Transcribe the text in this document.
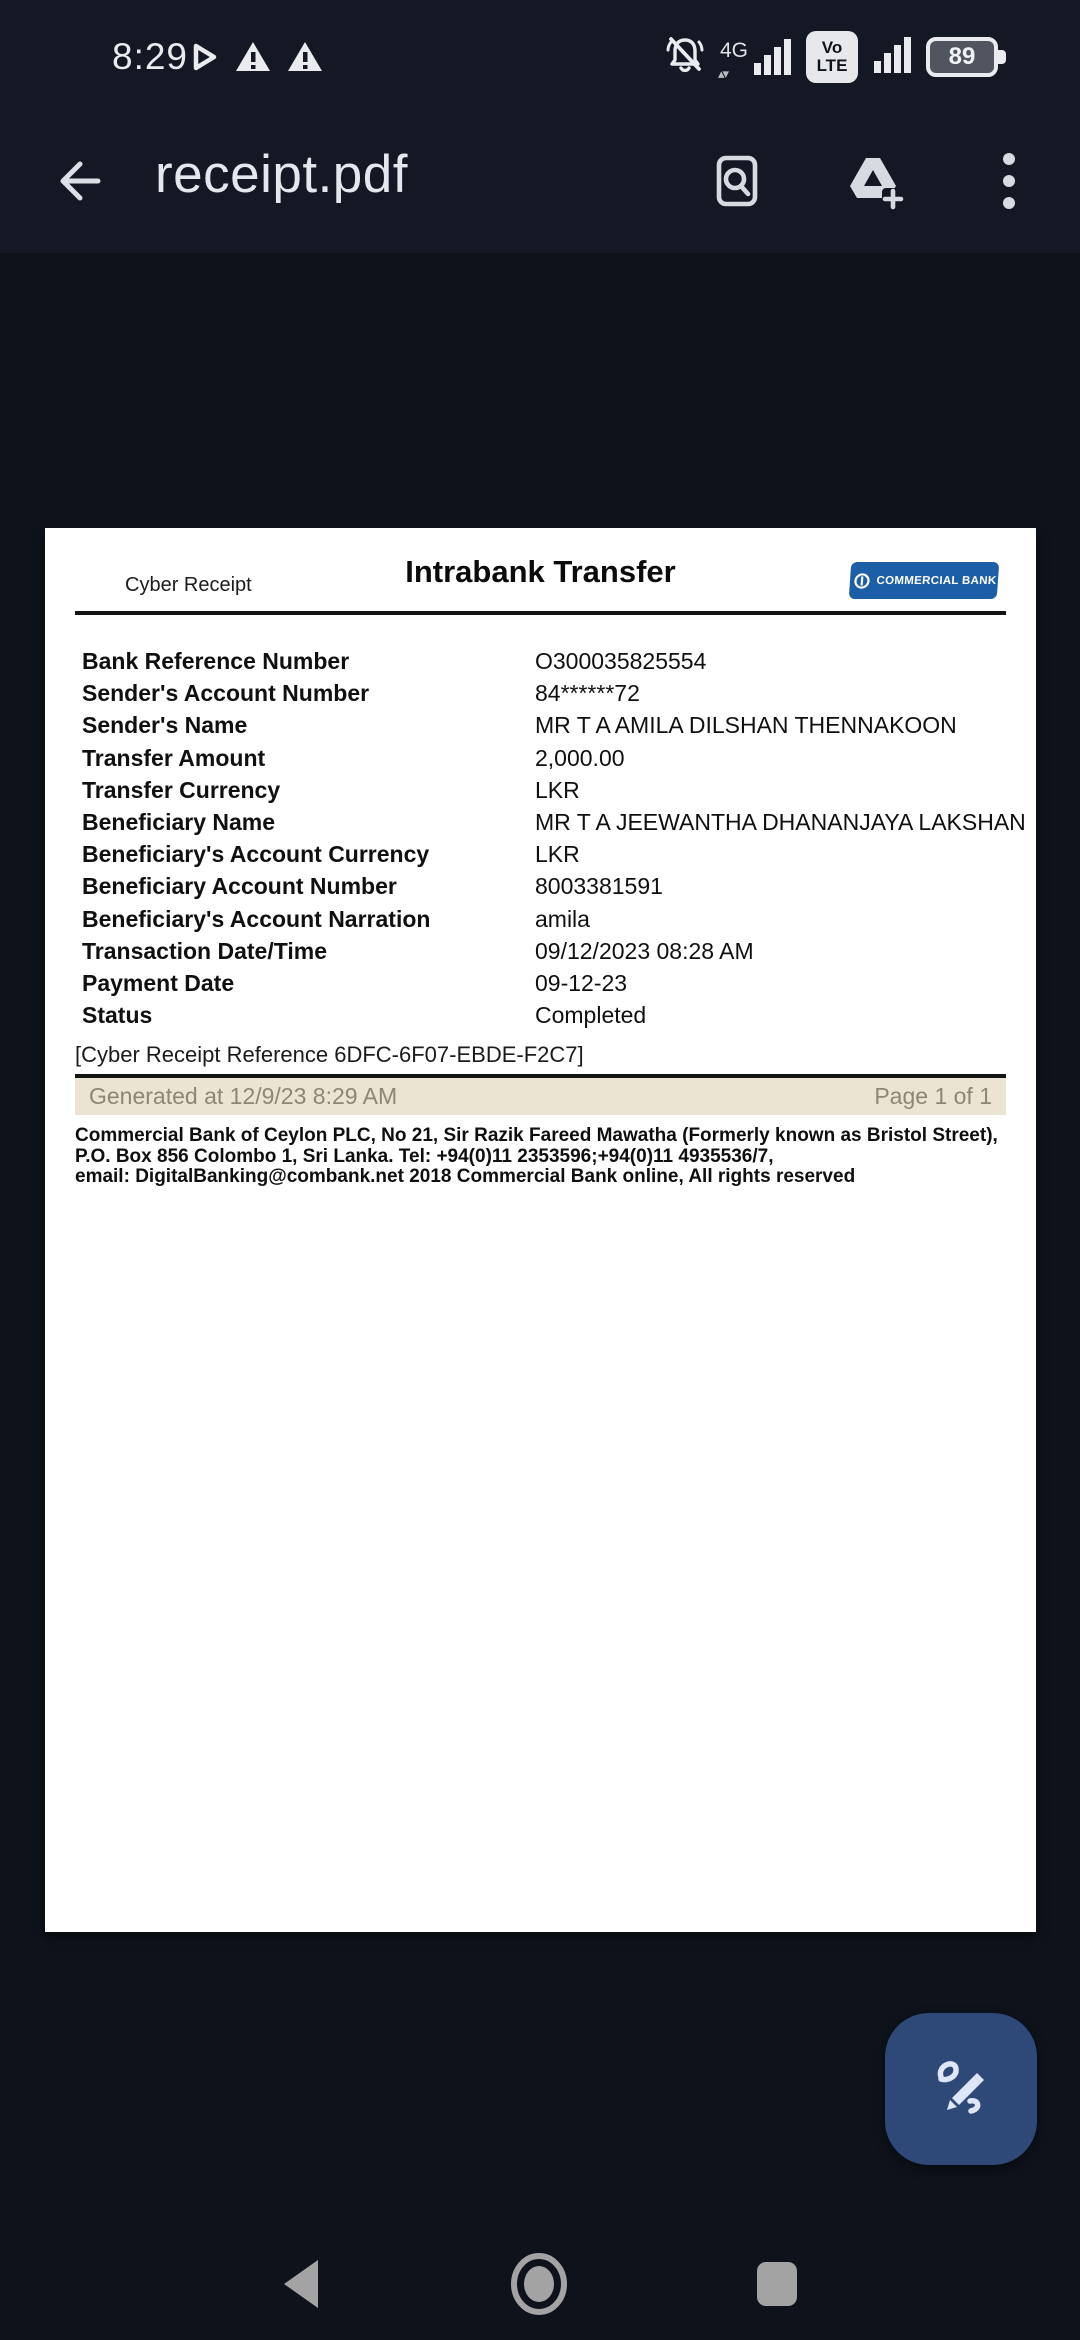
8:29	4G
▴▾
Vo
LTE	89
receipt.pdf
Cyber Receipt	Intrabank Transfer	COMMERCIAL BANK
Bank Reference Number	O300035825554
Sender's Account Number	84******72
Sender's Name	MR T A AMILA DILSHAN THENNAKOON
Transfer Amount	2,000.00
Transfer Currency	LKR
Beneficiary Name	MR T A JEEWANTHA DHANANJAYA LAKSHAN
Beneficiary's Account Currency	LKR
Beneficiary Account Number	8003381591
Beneficiary's Account Narration	amila
Transaction Date/Time	09/12/2023 08:28 AM
Payment Date	09-12-23
Status	Completed
[Cyber Receipt Reference 6DFC-6F07-EBDE-F2C7]
Generated at 12/9/23 8:29 AM	Page 1 of 1
Commercial Bank of Ceylon PLC, No 21, Sir Razik Fareed Mawatha (Formerly known as Bristol Street),
P.O. Box 856 Colombo 1, Sri Lanka. Tel: +94(0)11 2353596;+94(0)11 4935536/7,
email: DigitalBanking@combank.net 2018 Commercial Bank online, All rights reserved
